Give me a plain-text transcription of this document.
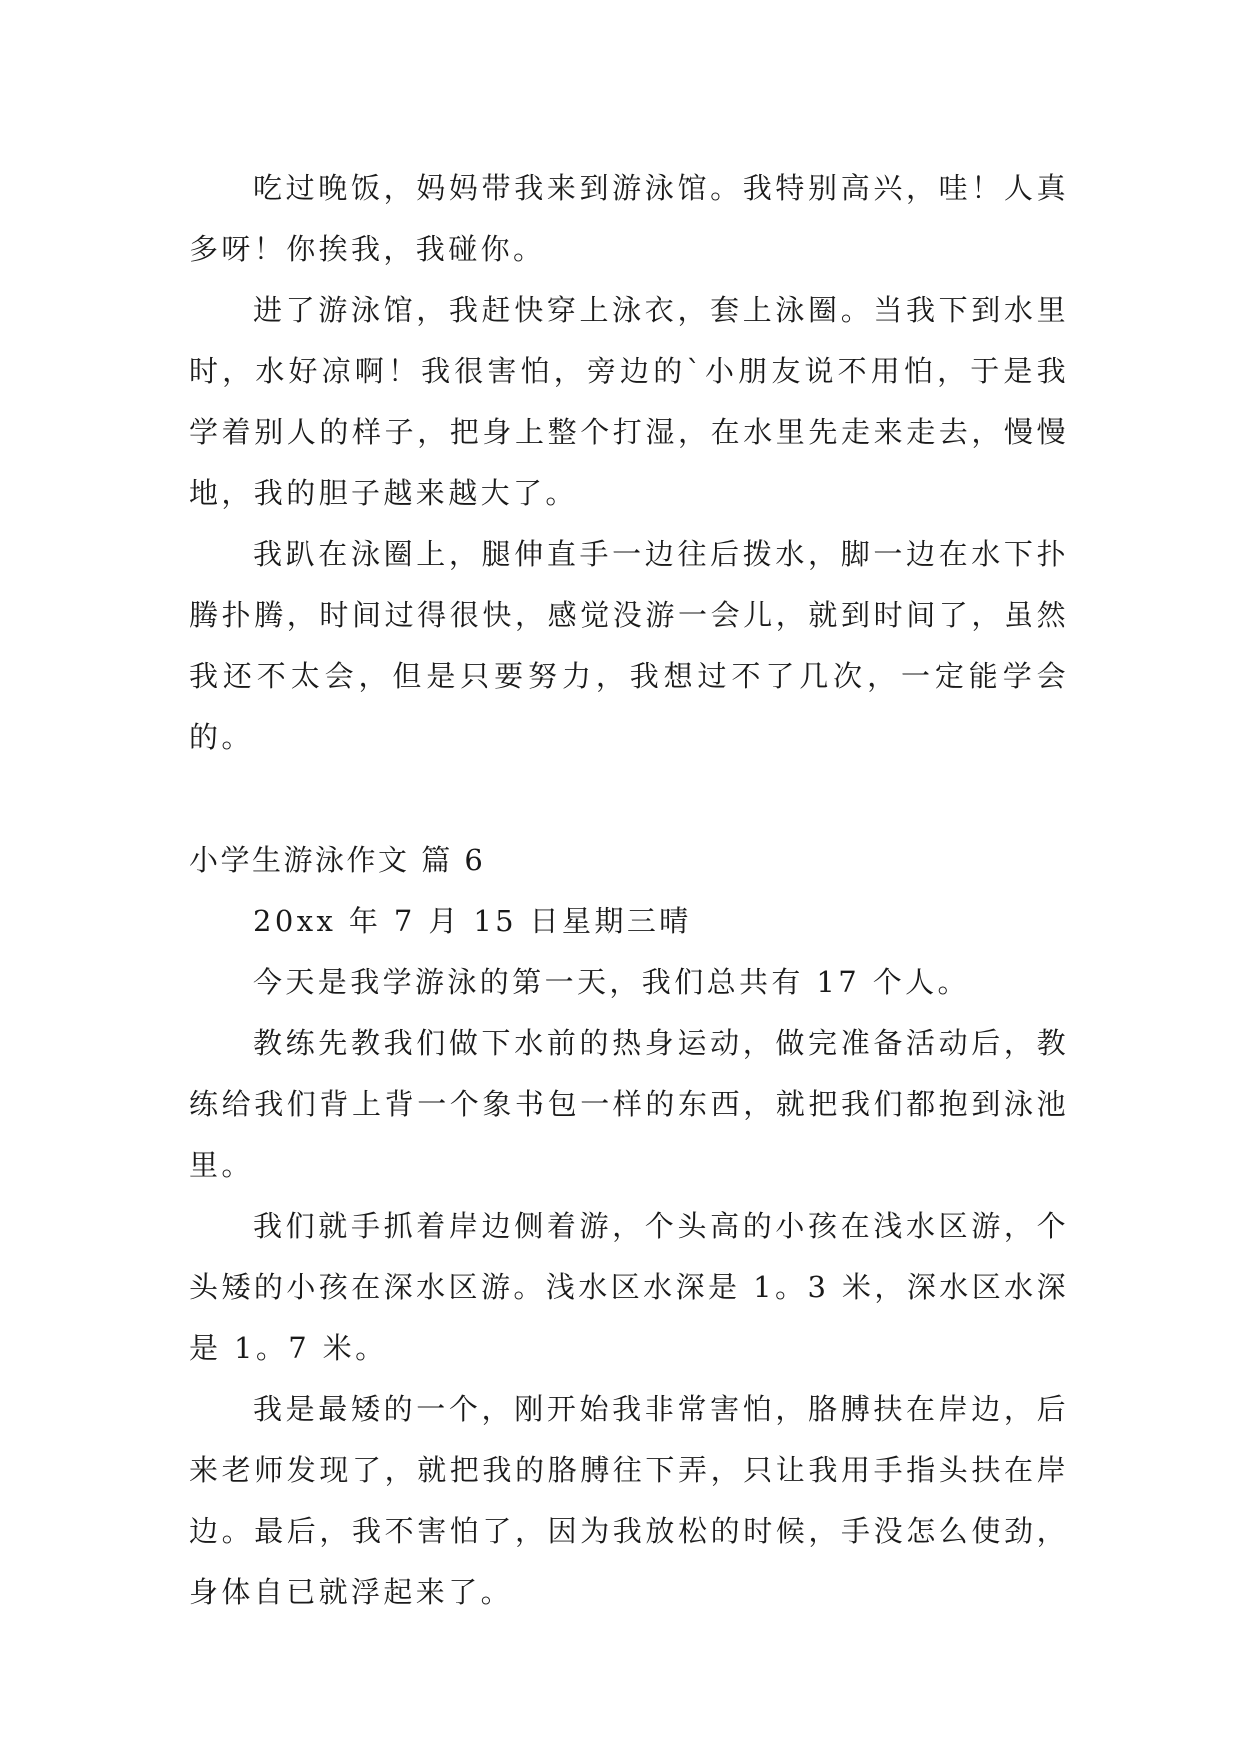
吃过晚饭，妈妈带我来到游泳馆。我特别高兴，哇！人真多呀！你挨我，我碰你。

进了游泳馆，我赶快穿上泳衣，套上泳圈。当我下到水里时，水好凉啊！我很害怕，旁边的`小朋友说不用怕，于是我学着别人的样子，把身上整个打湿，在水里先走来走去，慢慢地，我的胆子越来越大了。

我趴在泳圈上，腿伸直手一边往后拨水，脚一边在水下扑腾扑腾，时间过得很快，感觉没游一会儿，就到时间了，虽然我还不太会，但是只要努力，我想过不了几次，一定能学会的。

小学生游泳作文 篇 6

20xx 年 7 月 15 日星期三晴

今天是我学游泳的第一天，我们总共有 17 个人。

教练先教我们做下水前的热身运动，做完准备活动后，教练给我们背上背一个象书包一样的东西，就把我们都抱到泳池里。

我们就手抓着岸边侧着游，个头高的小孩在浅水区游，个头矮的小孩在深水区游。浅水区水深是 1。3 米，深水区水深是 1。7 米。

我是最矮的一个，刚开始我非常害怕，胳膊扶在岸边，后来老师发现了，就把我的胳膊往下弄，只让我用手指头扶在岸边。最后，我不害怕了，因为我放松的时候，手没怎么使劲，身体自已就浮起来了。
